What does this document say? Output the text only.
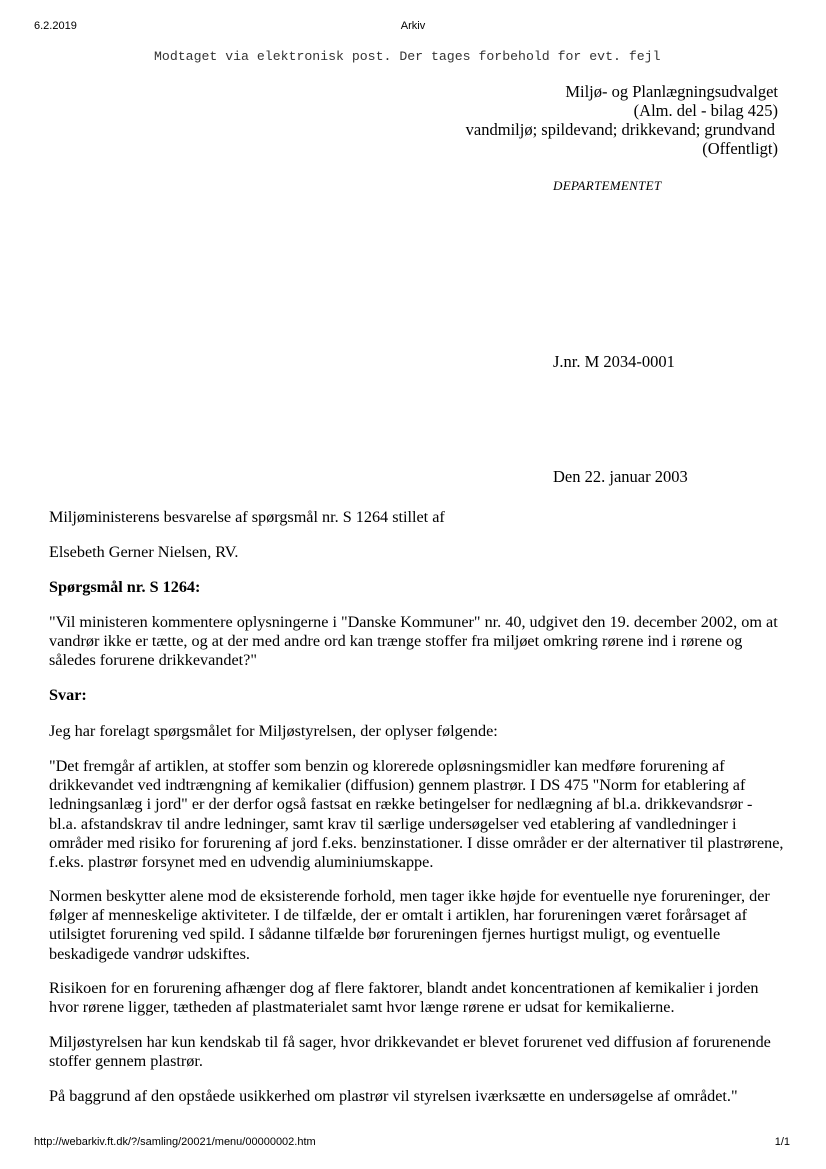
6.2.2019	Arkiv
Modtaget via elektronisk post. Der tages forbehold for evt. fejl
Miljø- og Planlægningsudvalget
(Alm. del - bilag 425)
vandmiljø; spildevand; drikkevand; grundvand
(Offentligt)
DEPARTEMENTET
J.nr. M 2034-0001
Den 22. januar 2003
Miljøministerens besvarelse af spørgsmål nr. S 1264 stillet af
Elsebeth Gerner Nielsen, RV.
Spørgsmål nr. S 1264:
"Vil ministeren kommentere oplysningerne i "Danske Kommuner" nr. 40, udgivet den 19. december 2002, om at vandrør ikke er tætte, og at der med andre ord kan trænge stoffer fra miljøet omkring rørene ind i rørene og således forurene drikkevandet?"
Svar:
Jeg har forelagt spørgsmålet for Miljøstyrelsen, der oplyser følgende:
"Det fremgår af artiklen, at stoffer som benzin og klorerede opløsningsmidler kan medføre forurening af drikkevandet ved indtrængning af kemikalier (diffusion) gennem plastrør. I DS 475 "Norm for etablering af ledningsanlæg i jord" er der derfor også fastsat en række betingelser for nedlægning af bl.a. drikkevandsrør - bl.a. afstandskrav til andre ledninger, samt krav til særlige undersøgelser ved etablering af vandledninger i områder med risiko for forurening af jord f.eks. benzinstationer. I disse områder er der alternativer til plastrørene, f.eks. plastrør forsynet med en udvendig aluminiumskappe.
Normen beskytter alene mod de eksisterende forhold, men tager ikke højde for eventuelle nye forureninger, der følger af menneskelige aktiviteter. I de tilfælde, der er omtalt i artiklen, har forureningen været forårsaget af utilsigtet forurening ved spild. I sådanne tilfælde bør forureningen fjernes hurtigst muligt, og eventuelle beskadigede vandrør udskiftes.
Risikoen for en forurening afhænger dog af flere faktorer, blandt andet koncentrationen af kemikalier i jorden hvor rørene ligger, tætheden af plastmaterialet samt hvor længe rørene er udsat for kemikalierne.
Miljøstyrelsen har kun kendskab til få sager, hvor drikkevandet er blevet forurenet ved diffusion af forurenende stoffer gennem plastrør.
På baggrund af den opståede usikkerhed om plastrør vil styrelsen iværksætte en undersøgelse af området."
http://webarkiv.ft.dk/?/samling/20021/menu/00000002.htm	1/1
